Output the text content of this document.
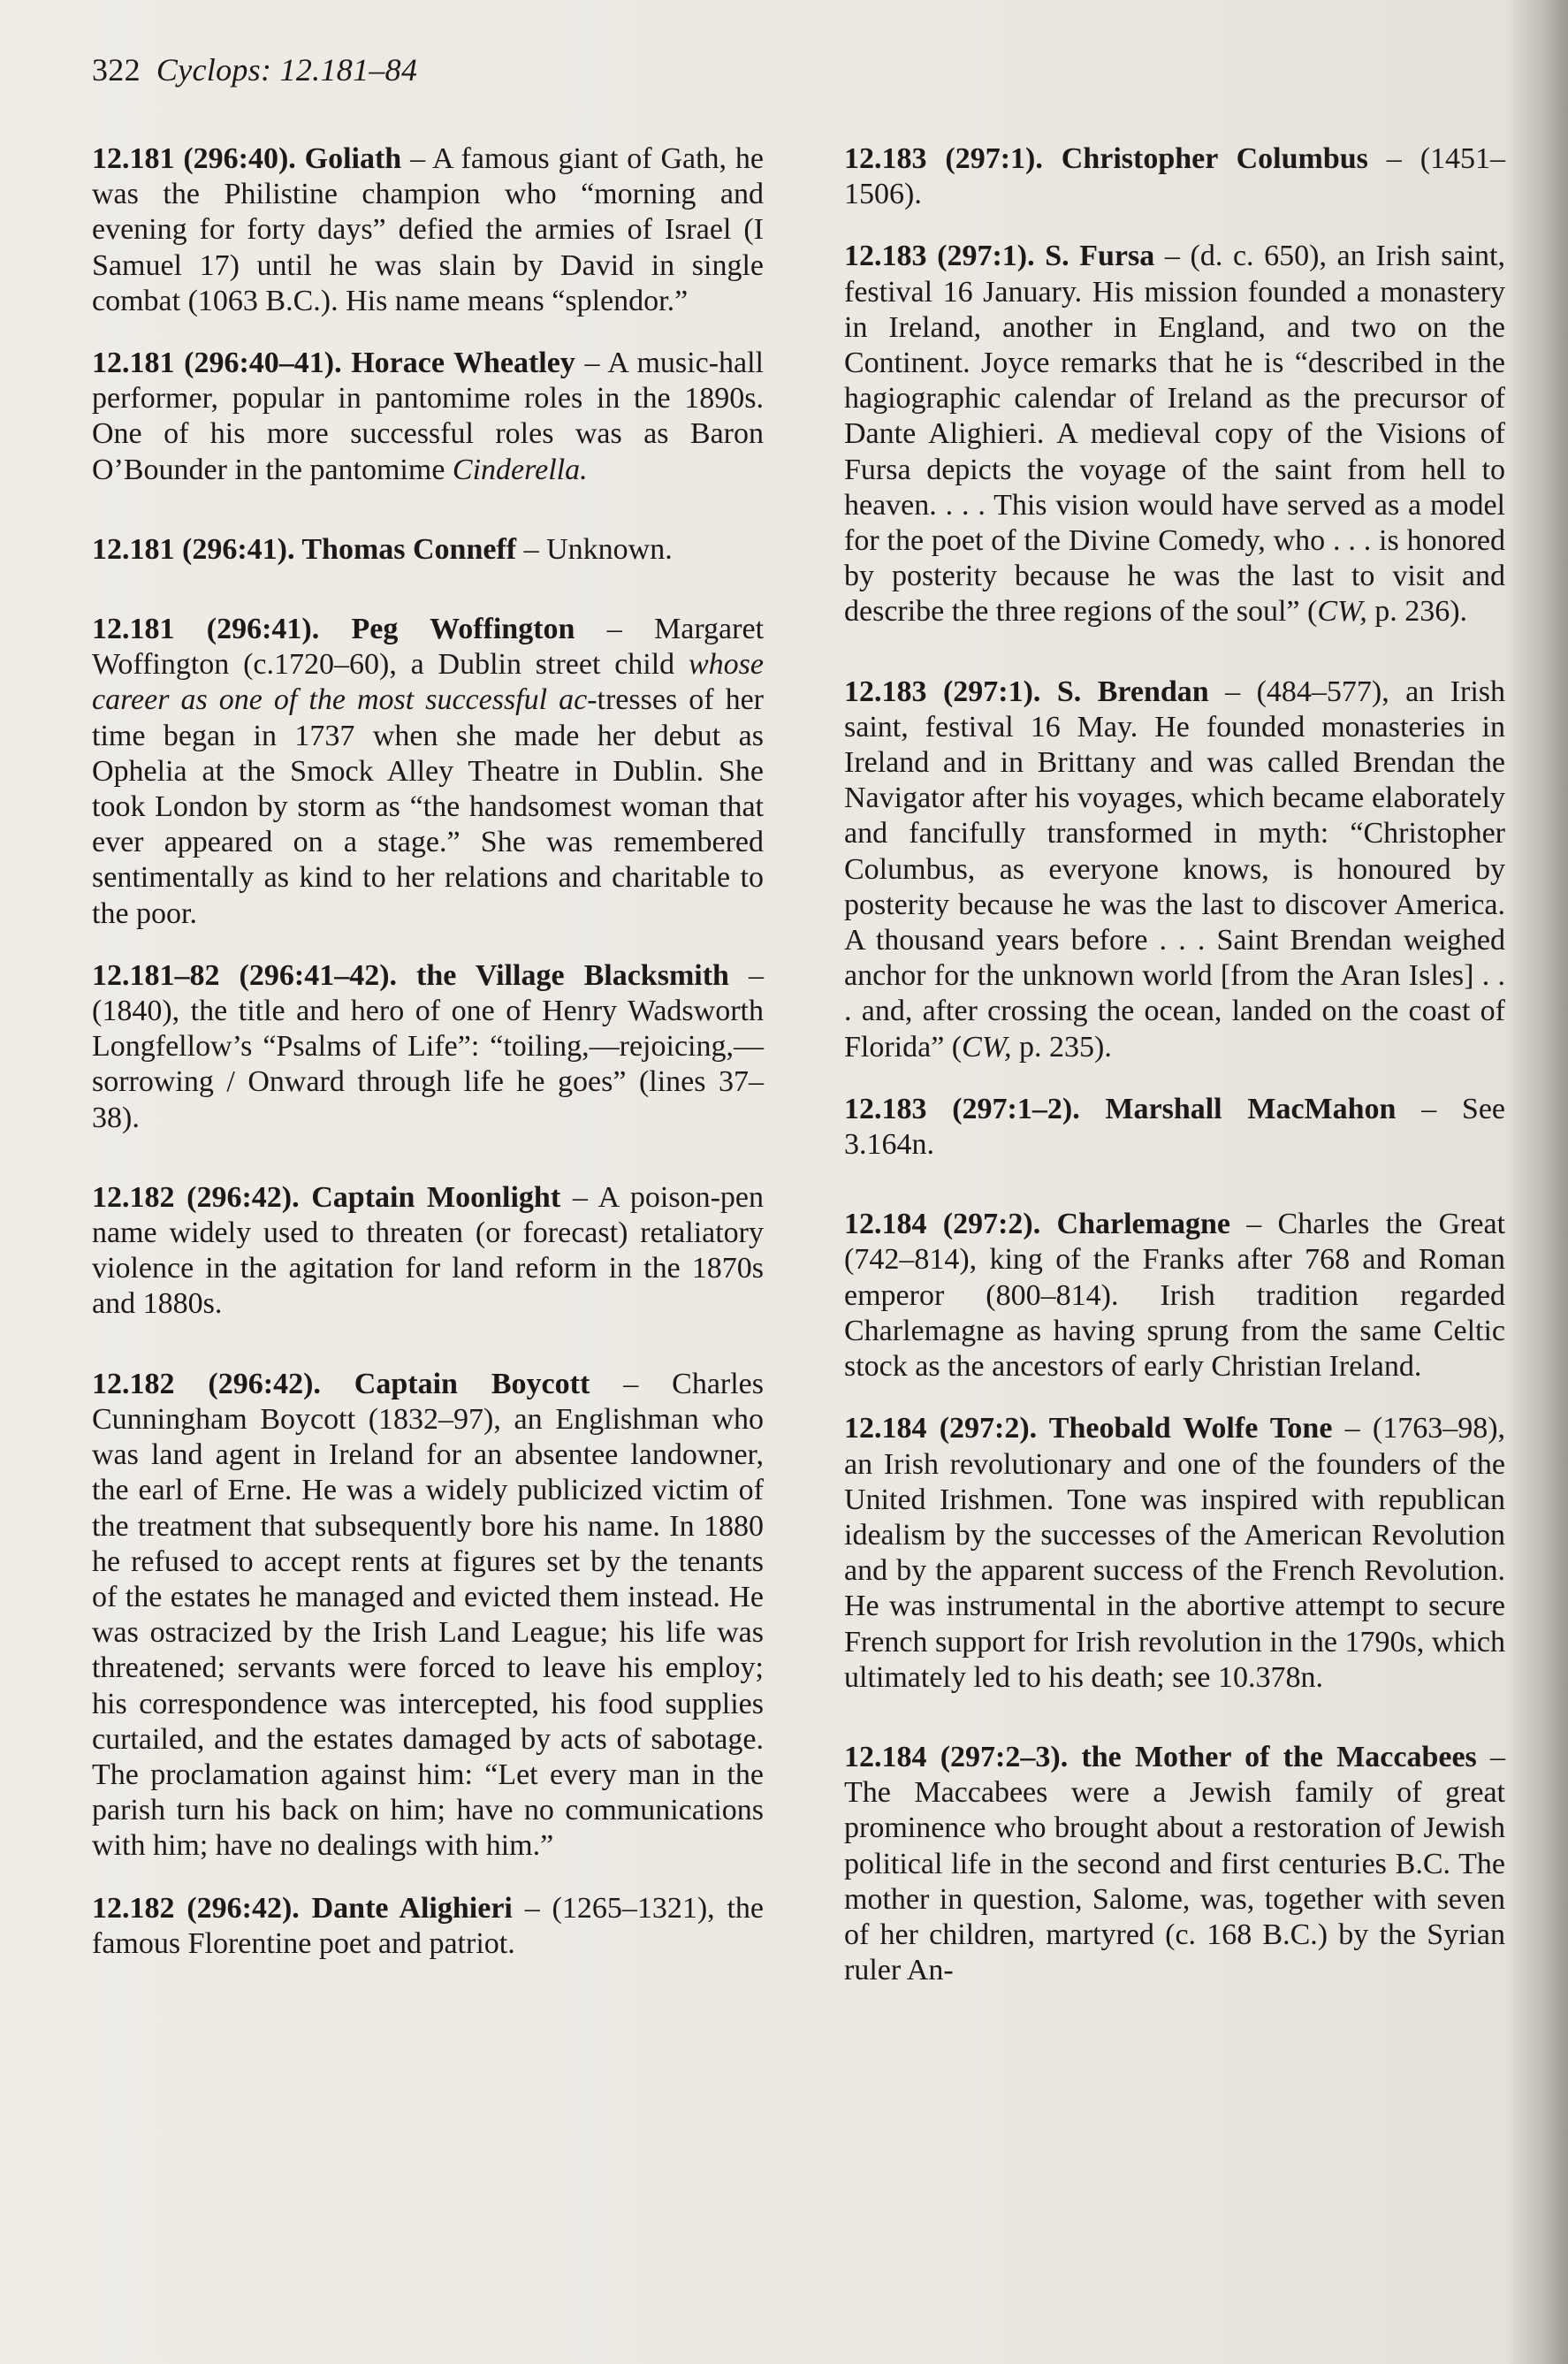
322 Cyclops: 12.181–84

12.181 (296:40). Goliath – A famous giant of Gath, he was the Philistine champion who “morning and evening for forty days” defied the armies of Israel (I Samuel 17) until he was slain by David in single combat (1063 B.C.). His name means “splendor.”

12.181 (296:40–41). Horace Wheatley – A music-hall performer, popular in pantomime roles in the 1890s. One of his more successful roles was as Baron O’Bounder in the pantomime Cinderella.

12.181 (296:41). Thomas Conneff – Unknown.

12.181 (296:41). Peg Woffington – Margaret Woffington (c.1720–60), a Dublin street child whose career as one of the most successful ac-tresses of her time began in 1737 when she made her debut as Ophelia at the Smock Alley Theatre in Dublin. She took London by storm as “the handsomest woman that ever appeared on a stage.” She was remembered sentimentally as kind to her relations and charitable to the poor.

12.181–82 (296:41–42). the Village Blacksmith – (1840), the title and hero of one of Henry Wadsworth Longfellow’s “Psalms of Life”: “toiling,—rejoicing,—sorrowing / Onward through life he goes” (lines 37–38).

12.182 (296:42). Captain Moonlight – A poison-pen name widely used to threaten (or forecast) retaliatory violence in the agitation for land reform in the 1870s and 1880s.

12.182 (296:42). Captain Boycott – Charles Cunningham Boycott (1832–97), an Englishman who was land agent in Ireland for an absentee landowner, the earl of Erne. He was a widely publicized victim of the treatment that subsequently bore his name. In 1880 he refused to accept rents at figures set by the tenants of the estates he managed and evicted them instead. He was ostracized by the Irish Land League; his life was threatened; servants were forced to leave his employ; his correspondence was intercepted, his food supplies curtailed, and the estates damaged by acts of sabotage. The proclamation against him: “Let every man in the parish turn his back on him; have no communications with him; have no dealings with him.”

12.182 (296:42). Dante Alighieri – (1265–1321), the famous Florentine poet and patriot.

12.183 (297:1). Christopher Columbus – (1451–1506).

12.183 (297:1). S. Fursa – (d. c. 650), an Irish saint, festival 16 January. His mission founded a monastery in Ireland, another in England, and two on the Continent. Joyce remarks that he is “described in the hagiographic calendar of Ireland as the precursor of Dante Alighieri. A medieval copy of the Visions of Fursa depicts the voyage of the saint from hell to heaven. . . . This vision would have served as a model for the poet of the Divine Comedy, who . . . is honored by posterity because he was the last to visit and describe the three regions of the soul” (CW, p. 236).

12.183 (297:1). S. Brendan – (484–577), an Irish saint, festival 16 May. He founded monasteries in Ireland and in Brittany and was called Brendan the Navigator after his voyages, which became elaborately and fancifully transformed in myth: “Christopher Columbus, as everyone knows, is honoured by posterity because he was the last to discover America. A thousand years before . . . Saint Brendan weighed anchor for the unknown world [from the Aran Isles] . . . and, after crossing the ocean, landed on the coast of Florida” (CW, p. 235).

12.183 (297:1–2). Marshall MacMahon – See 3.164n.

12.184 (297:2). Charlemagne – Charles the Great (742–814), king of the Franks after 768 and Roman emperor (800–814). Irish tradition regarded Charlemagne as having sprung from the same Celtic stock as the ancestors of early Christian Ireland.

12.184 (297:2). Theobald Wolfe Tone – (1763–98), an Irish revolutionary and one of the founders of the United Irishmen. Tone was inspired with republican idealism by the successes of the American Revolution and by the apparent success of the French Revolution. He was instrumental in the abortive attempt to secure French support for Irish revolution in the 1790s, which ultimately led to his death; see 10.378n.

12.184 (297:2–3). the Mother of the Maccabees – The Maccabees were a Jewish family of great prominence who brought about a restoration of Jewish political life in the second and first centuries B.C. The mother in question, Salome, was, together with seven of her children, martyred (c. 168 B.C.) by the Syrian ruler An-
